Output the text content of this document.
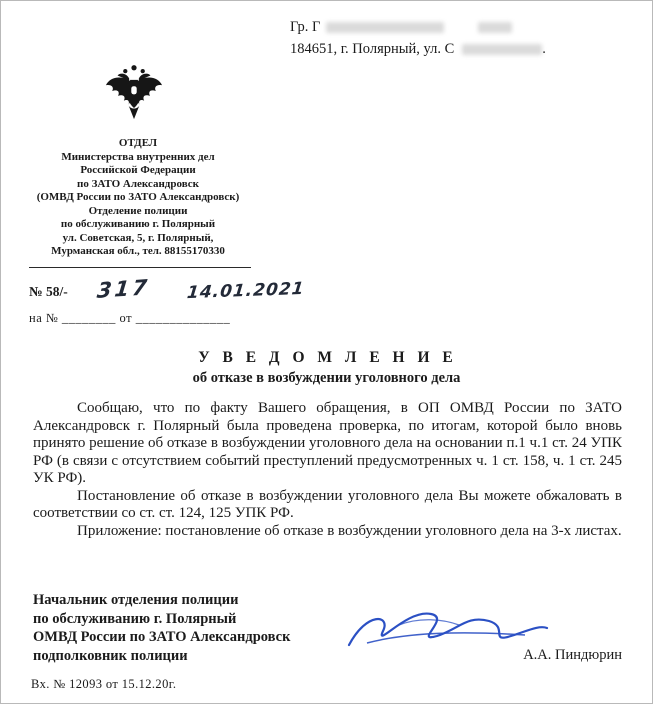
Гр. Г
184651, г. Полярный, ул. С	.
ОТДЕЛ
Министерства внутренних дел
Российской Федерации
по ЗАТО Александровск
(ОМВД России по ЗАТО Александровск)
Отделение полиции
по обслуживанию г. Полярный
ул. Советская, 5, г. Полярный,
Мурманская обл., тел. 88155170330
№ 58/- 317 14.01.2021
на № ________ от ______________
У В Е Д О М Л Е Н И Е
об отказе в возбуждении уголовного дела

Сообщаю, что по факту Вашего обращения, в ОП ОМВД России по ЗАТО Александровск г. Полярный была проведена проверка, по итогам, которой было вновь принято решение об отказе в возбуждении уголовного дела на основании п.1 ч.1 ст. 24 УПК РФ (в связи с отсутствием событий преступлений предусмотренных ч. 1 ст. 158, ч. 1 ст. 245 УК РФ).

Постановление об отказе в возбуждении уголовного дела Вы можете обжаловать в соответствии со ст. ст. 124, 125 УПК РФ.

Приложение: постановление об отказе в возбуждении уголовного дела на 3-х листах.

Начальник отделения полиции
по обслуживанию г. Полярный
ОМВД России по ЗАТО Александровск
подполковник полиции	А.А. Пиндюрин
Вх. № 12093 от 15.12.20г.
